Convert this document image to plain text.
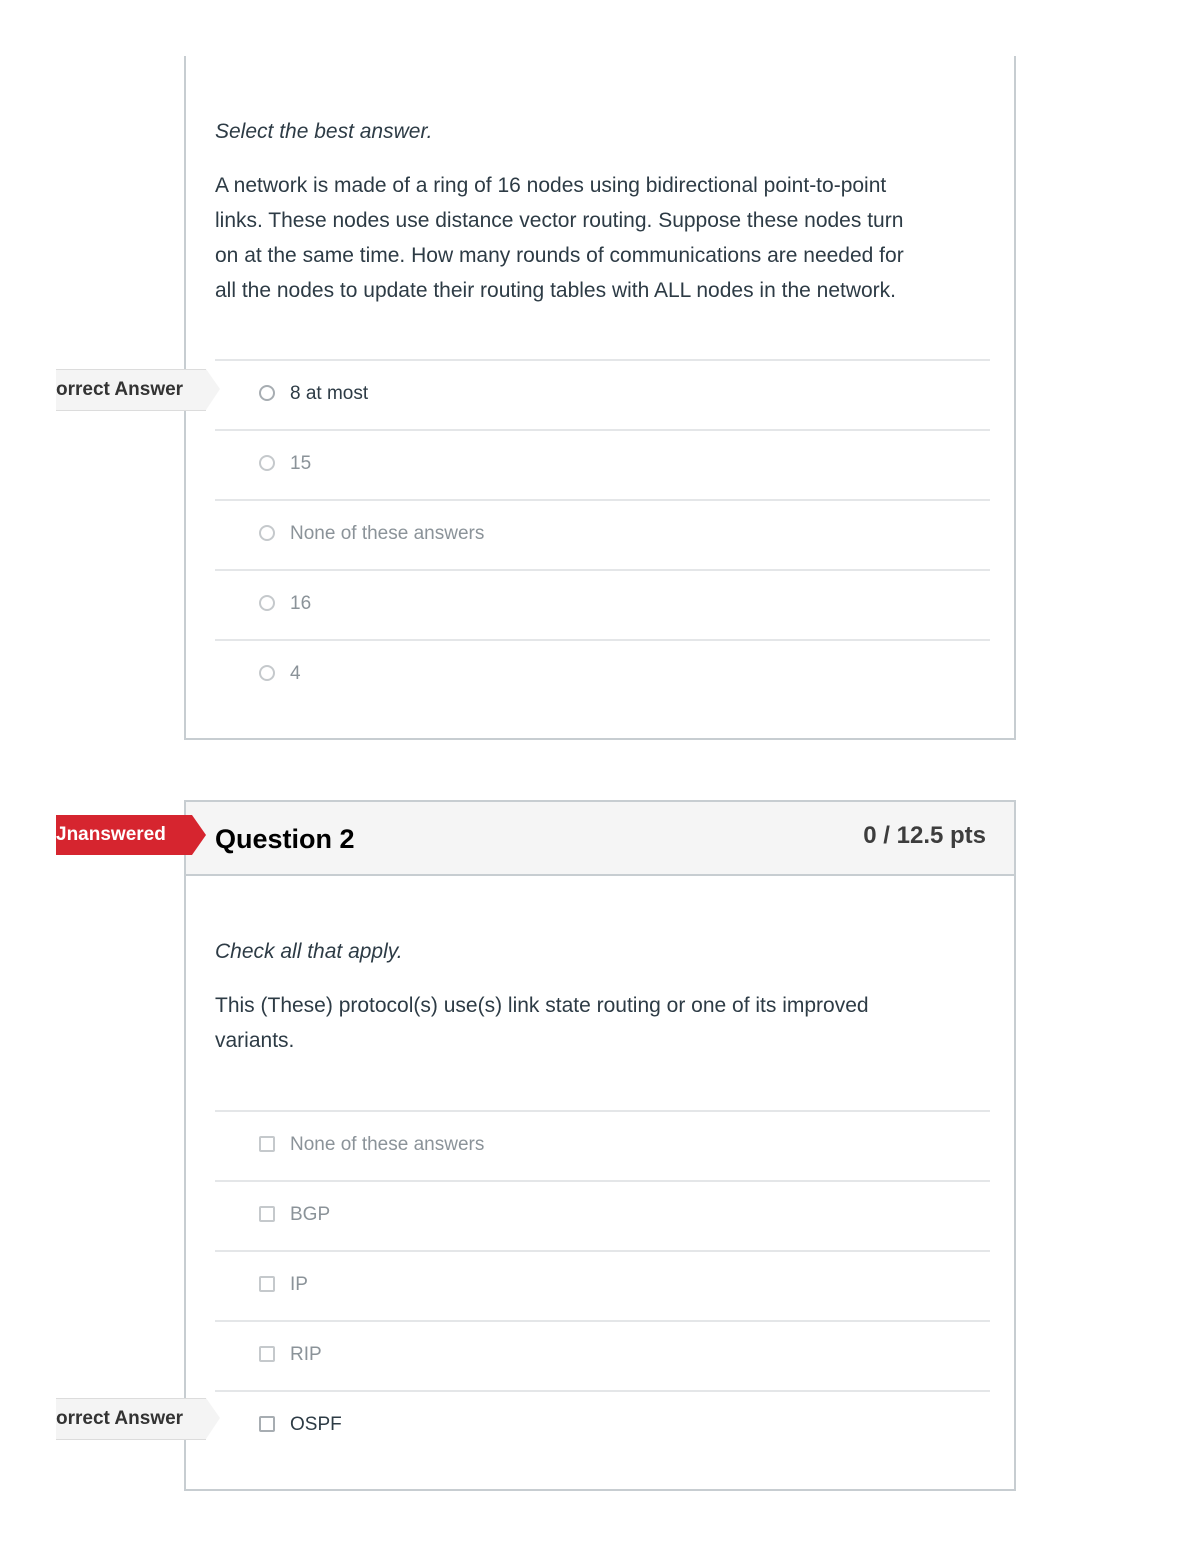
Select the best answer.

A network is made of a ring of 16 nodes using bidirectional point-to-point
links. These nodes use distance vector routing. Suppose these nodes turn
on at the same time. How many rounds of communications are needed for
all the nodes to update their routing tables with ALL nodes in the network.

8 at most
15
None of these answers
16
4
orrect Answer
Question 2	0 / 12.5 pts
Check all that apply.

This (These) protocol(s) use(s) link state routing or one of its improved
variants.

None of these answers
BGP
IP
RIP
OSPF
Jnanswered
orrect Answer
